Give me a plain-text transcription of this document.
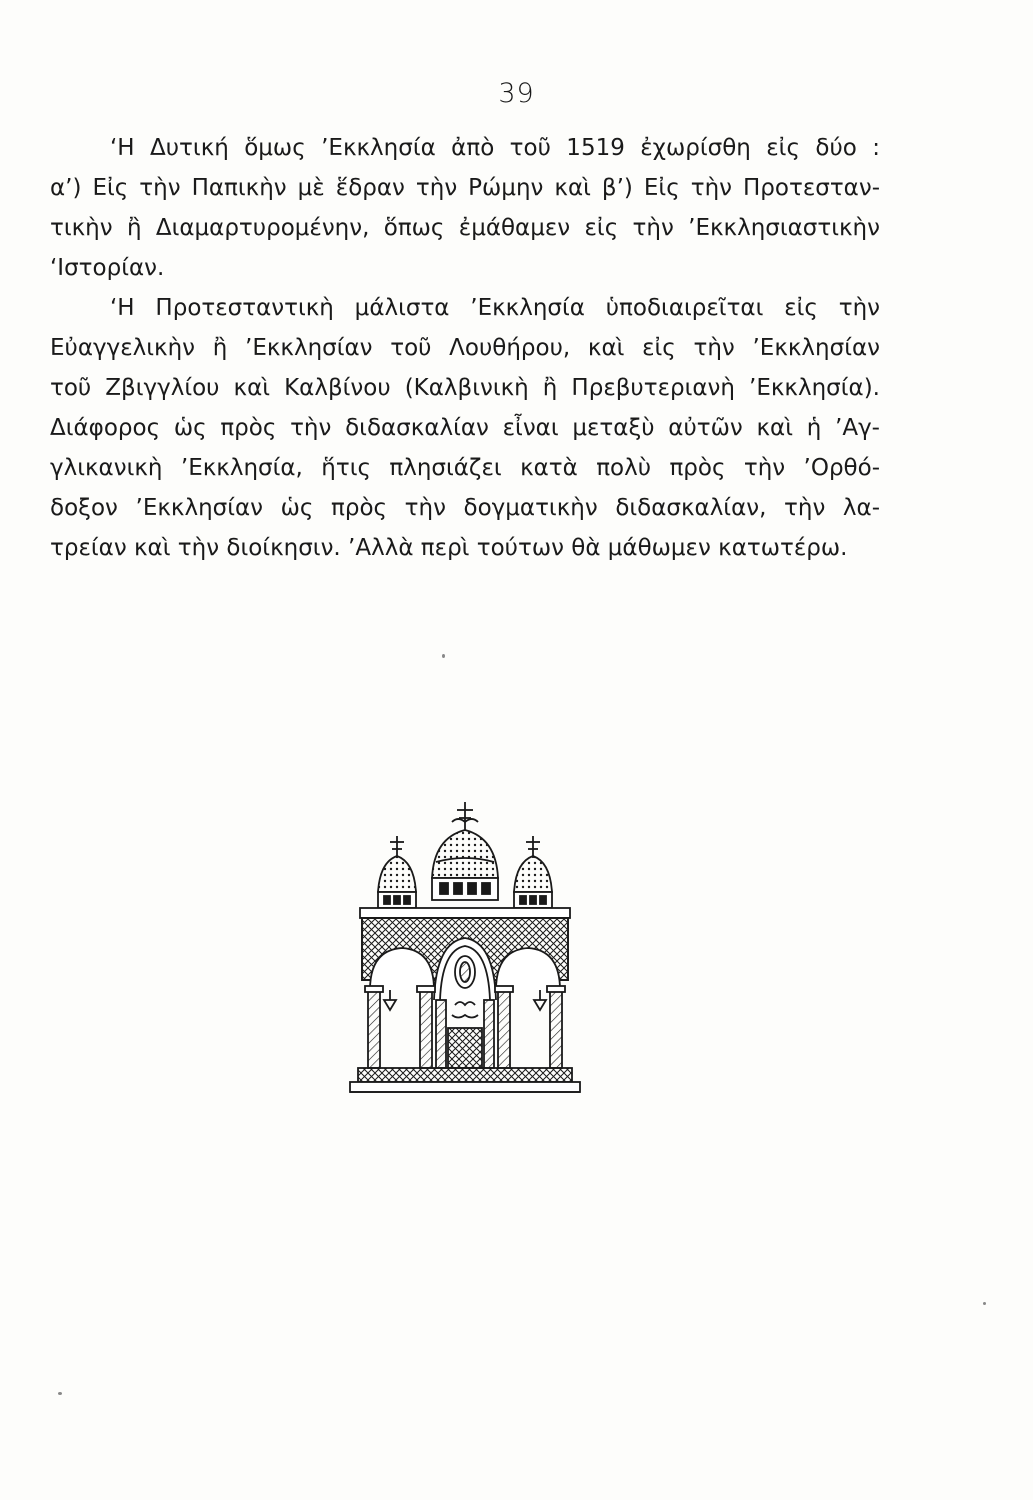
39
‘Η Δυτική ὅμως ’Εκκλησία ἀπὸ τοῦ 1519 ἐχωρίσθη εἰς δύο :
α’) Εἰς τὴν Παπικὴν μὲ ἕδραν τὴν Ρώμην καὶ β’) Εἰς τὴν Προτεσταν-
τικὴν ἢ Διαμαρτυρομένην, ὅπως ἐμάθαμεν εἰς τὴν ’Εκκλησιαστικὴν
‘Ιστορίαν.
‘Η Προτεσταντικὴ μάλιστα ’Εκκλησία ὑποδιαιρεῖται εἰς τὴν
Εὐαγγελικὴν ἢ ’Εκκλησίαν τοῦ Λουθήρου, καὶ εἰς τὴν ’Εκκλησίαν
τοῦ Ζβιγγλίου καὶ Καλβίνου (Καλβινικὴ ἢ Πρεβυτεριανὴ ’Εκκλησία).
Διάφορος ὡς πρὸς τὴν διδασκαλίαν εἶναι μεταξὺ αὐτῶν καὶ ἡ ’Αγ-
γλικανικὴ ’Εκκλησία, ἥτις πλησιάζει κατὰ πολὺ πρὸς τὴν ’Ορθό-
δοξον ’Εκκλησίαν ὡς πρὸς τὴν δογματικὴν διδασκαλίαν, τὴν λα-
τρείαν καὶ τὴν διοίκησιν. ’Αλλὰ περὶ τούτων θὰ μάθωμεν κατωτέρω.
